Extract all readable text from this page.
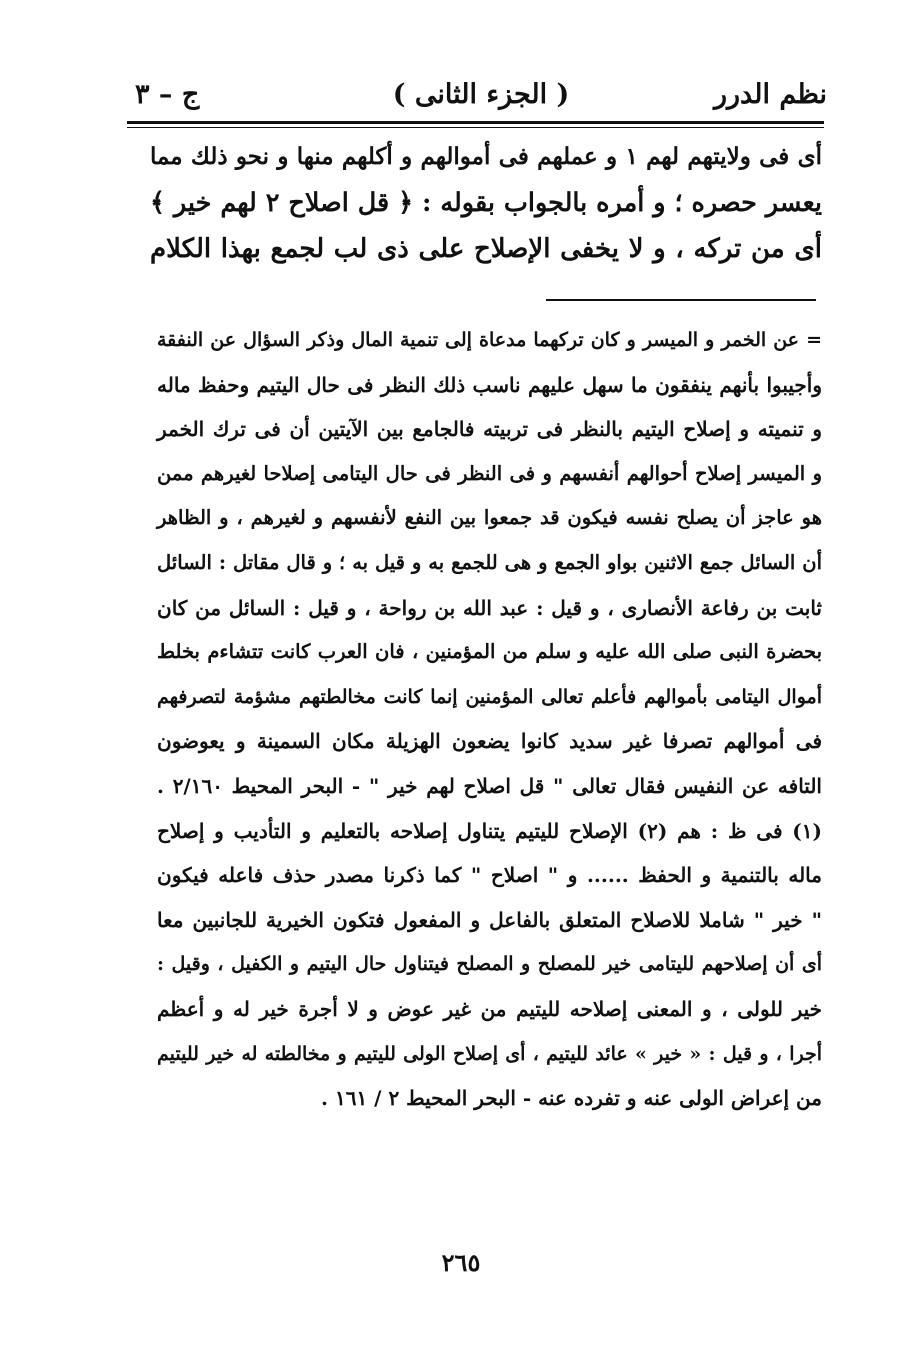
نظم الدرر
( الجزء الثانى )
ج – ٣
أى فى ولايتهم لهم ١ و عملهم فى أموالهم و أكلهم منها و نحو ذلك مما
يعسر حصره ؛ و أمره بالجواب بقوله : ﴿ قل اصلاح ٢ لهم خير ﴾
أى من تركه ، و لا يخفى الإصلاح على ذى لب لجمع بهذا الكلام
= عن الخمر و الميسر و كان تركهما مدعاة إلى تنمية المال وذكر السؤال عن النفقة
وأجيبوا بأنهم ينفقون ما سهل عليهم ناسب ذلك النظر فى حال اليتيم وحفظ ماله
و تنميته و إصلاح اليتيم بالنظر فى تربيته فالجامع بين الآيتين أن فى ترك الخمر
و الميسر إصلاح أحوالهم أنفسهم و فى النظر فى حال اليتامى إصلاحا لغيرهم ممن
هو عاجز أن يصلح نفسه فيكون قد جمعوا بين النفع لأنفسهم و لغيرهم ، و الظاهر
أن السائل جمع الاثنين بواو الجمع و هى للجمع به و قيل به ؛ و قال مقاتل : السائل
ثابت بن رفاعة الأنصارى ، و قيل : عبد الله بن رواحة ، و قيل : السائل من كان
بحضرة النبى صلى الله عليه و سلم من المؤمنين ، فان العرب كانت تتشاءم بخلط
أموال اليتامى بأموالهم فأعلم تعالى المؤمنين إنما كانت مخالطتهم مشؤمة لتصرفهم
فى أموالهم تصرفا غير سديد كانوا يضعون الهزيلة مكان السمينة و يعوضون
التافه عن النفيس فقال تعالى " قل اصلاح لهم خير " - البحر المحيط ٢/١٦٠ .
(١) فى ظ : هم (٢) الإصلاح لليتيم يتناول إصلاحه بالتعليم و التأديب و إصلاح
ماله بالتنمية و الحفظ ...... و " اصلاح " كما ذكرنا مصدر حذف فاعله فيكون
" خير " شاملا للاصلاح المتعلق بالفاعل و المفعول فتكون الخيرية للجانبين معا
أى أن إصلاحهم لليتامى خير للمصلح و المصلح فيتناول حال اليتيم و الكفيل ، وقيل :
خير للولى ، و المعنى إصلاحه لليتيم من غير عوض و لا أجرة خير له و أعظم
أجرا ، و قيل : « خير » عائد لليتيم ، أى إصلاح الولى لليتيم و مخالطته له خير لليتيم
من إعراض الولى عنه و تفرده عنه - البحر المحيط ٢ / ١٦١ .
٢٦٥
